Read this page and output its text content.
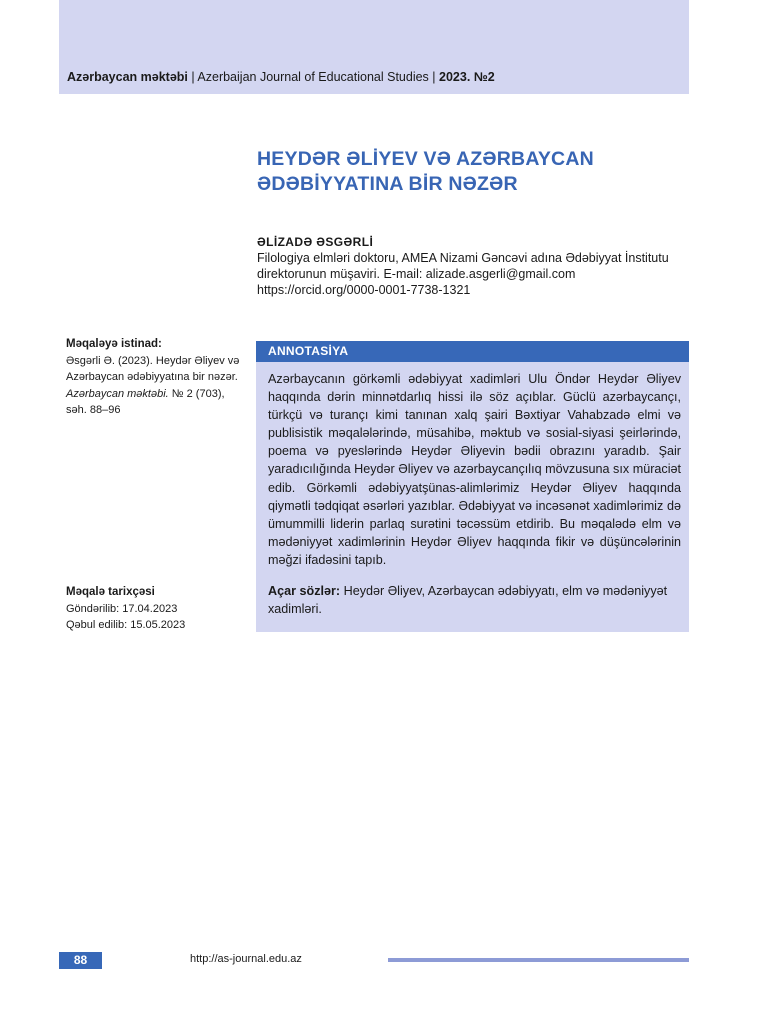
Azərbaycan məktəbi | Azerbaijan Journal of Educational Studies | 2023. №2
HEYDƏR ƏLİYEV VƏ AZƏRBAYCAN
ƏDƏBİYYATINA BİR NƏZƏR
ƏLİZADƏ ƏSGƏRLİ
Filologiya elmləri doktoru, AMEA Nizami Gəncəvi adına Ədəbiyyat İnstitutu
direktorunun müşaviri. E-mail: alizade.asgerli@gmail.com
https://orcid.org/0000-0001-7738-1321
Məqaləyə istinad:
Əsgərli Ə. (2023). Heydər Əliyev və
Azərbaycan ədəbiyyatına bir nəzər.
Azərbaycan məktəbi. № 2 (703),
səh. 88–96
Məqalə tarixçəsi
Göndərilib: 17.04.2023
Qəbul edilib: 15.05.2023
ANNOTASİYA
Azərbaycanın görkəmli ədəbiyyat xadimləri Ulu Öndər Heydər Əliyev haqqında dərin minnətdarlıq hissi ilə söz açıblar. Güclü azərbaycançı, türkçü və turançı kimi tanınan xalq şairi Bəxtiyar Vahabzadə elmi və publisistik məqalələrində, müsahibə, məktub və sosial-siyasi şeirlərində, poema və pyeslərində Heydər Əliyevin bədii obrazını yaradıb. Şair yaradıcılığında Heydər Əliyev və azərbaycançılıq mövzusuna sıx müraciət edib. Görkəmli ədəbiyyatşünas-alimlərimiz Heydər Əliyev haqqında qiymətli tədqiqat əsərləri yazıblar. Ədəbiyyat və incəsənət xadimlərimiz də ümummilli liderin parlaq surətini təcəssüm etdirib. Bu məqalədə elm və mədəniyyət xadimlərinin Heydər Əliyev haqqında fikir və düşüncələrinin məğzi ifadəsini tapıb.
Açar sözlər: Heydər Əliyev, Azərbaycan ədəbiyyatı, elm və mədəniyyət xadimləri.
88	http://as-journal.edu.az
